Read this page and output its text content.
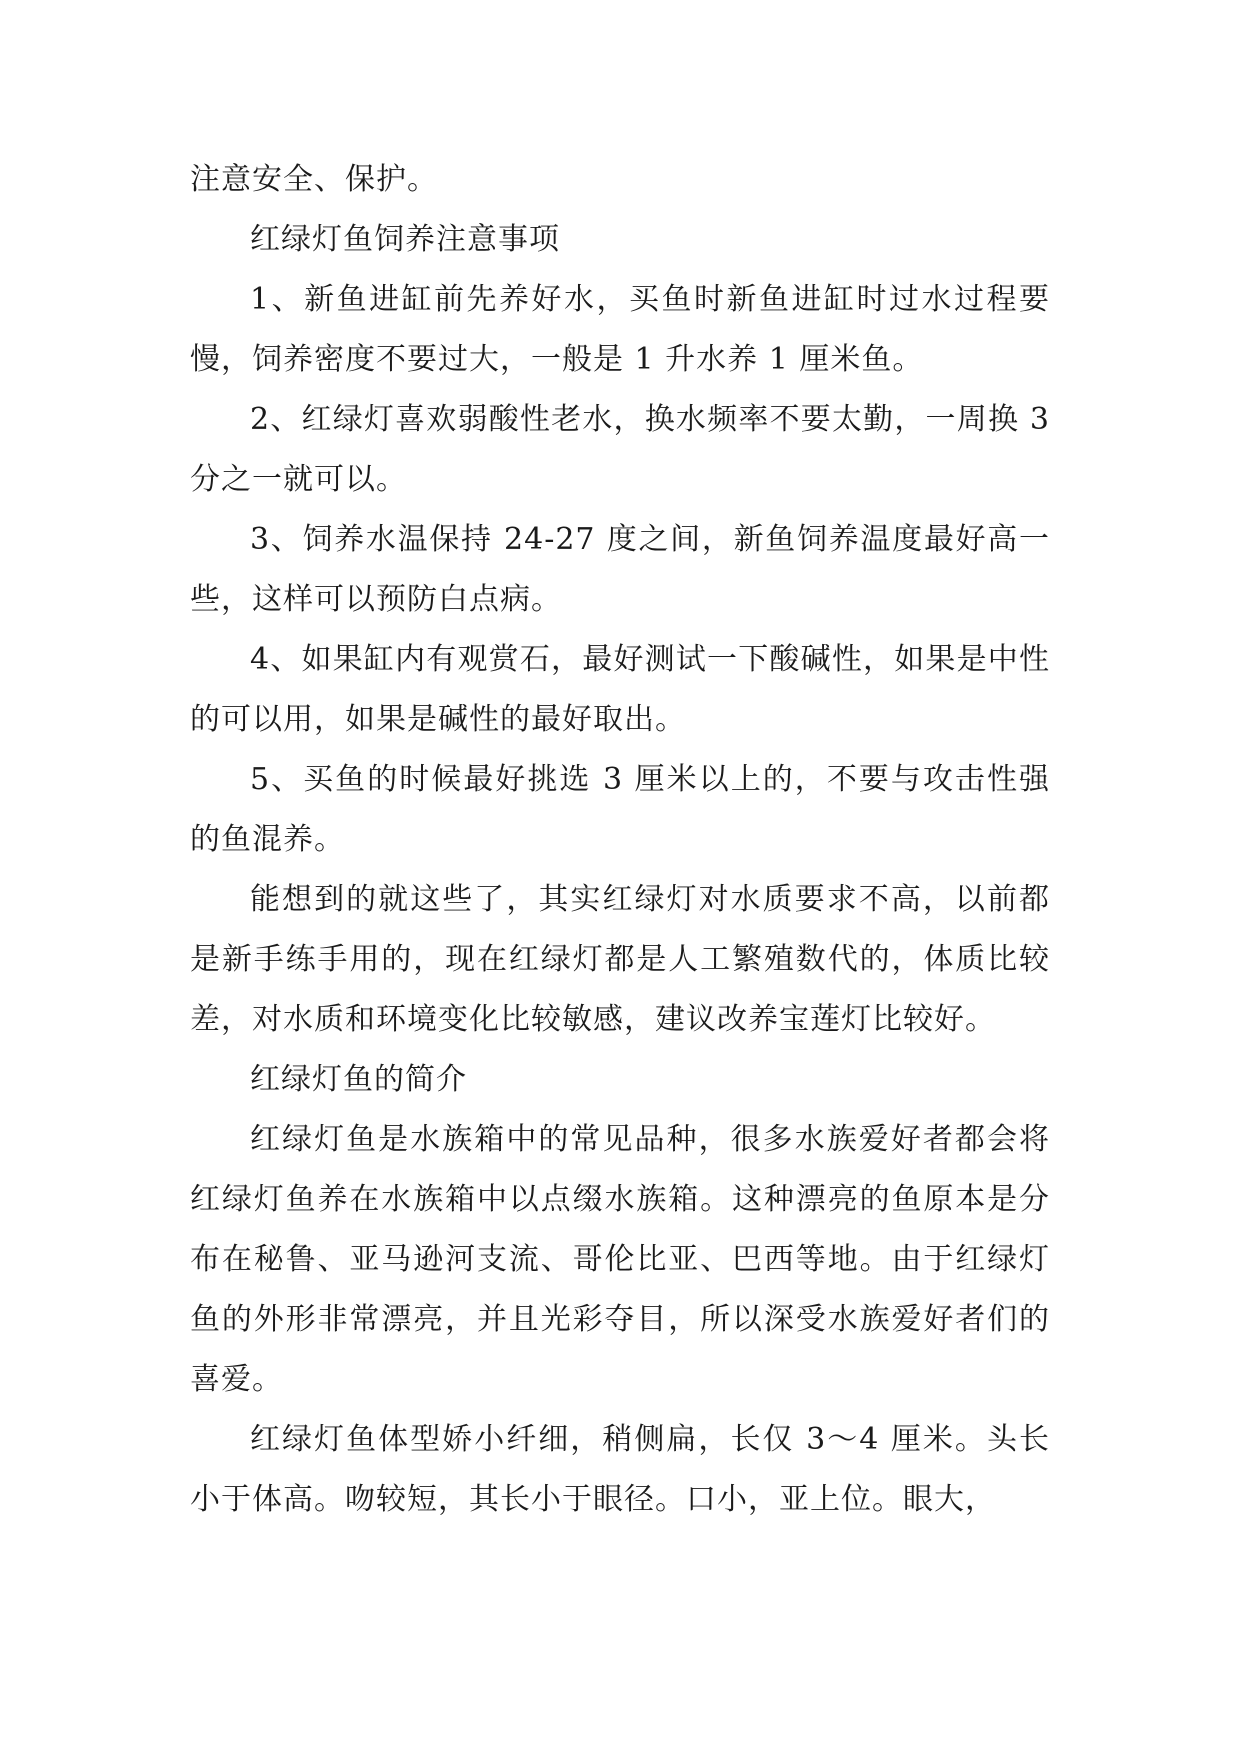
注意安全、保护。

红绿灯鱼饲养注意事项

1、新鱼进缸前先养好水，买鱼时新鱼进缸时过水过程要慢，饲养密度不要过大，一般是 1 升水养 1 厘米鱼。

2、红绿灯喜欢弱酸性老水，换水频率不要太勤，一周换 3 分之一就可以。

3、饲养水温保持 24-27 度之间，新鱼饲养温度最好高一些，这样可以预防白点病。

4、如果缸内有观赏石，最好测试一下酸碱性，如果是中性的可以用，如果是碱性的最好取出。

5、买鱼的时候最好挑选 3 厘米以上的，不要与攻击性强的鱼混养。

能想到的就这些了，其实红绿灯对水质要求不高，以前都是新手练手用的，现在红绿灯都是人工繁殖数代的，体质比较差，对水质和环境变化比较敏感，建议改养宝莲灯比较好。

红绿灯鱼的简介

红绿灯鱼是水族箱中的常见品种，很多水族爱好者都会将红绿灯鱼养在水族箱中以点缀水族箱。这种漂亮的鱼原本是分布在秘鲁、亚马逊河支流、哥伦比亚、巴西等地。由于红绿灯鱼的外形非常漂亮，并且光彩夺目，所以深受水族爱好者们的喜爱。

红绿灯鱼体型娇小纤细，稍侧扁，长仅 3～4 厘米。头长小于体高。吻较短，其长小于眼径。口小，亚上位。眼大，
